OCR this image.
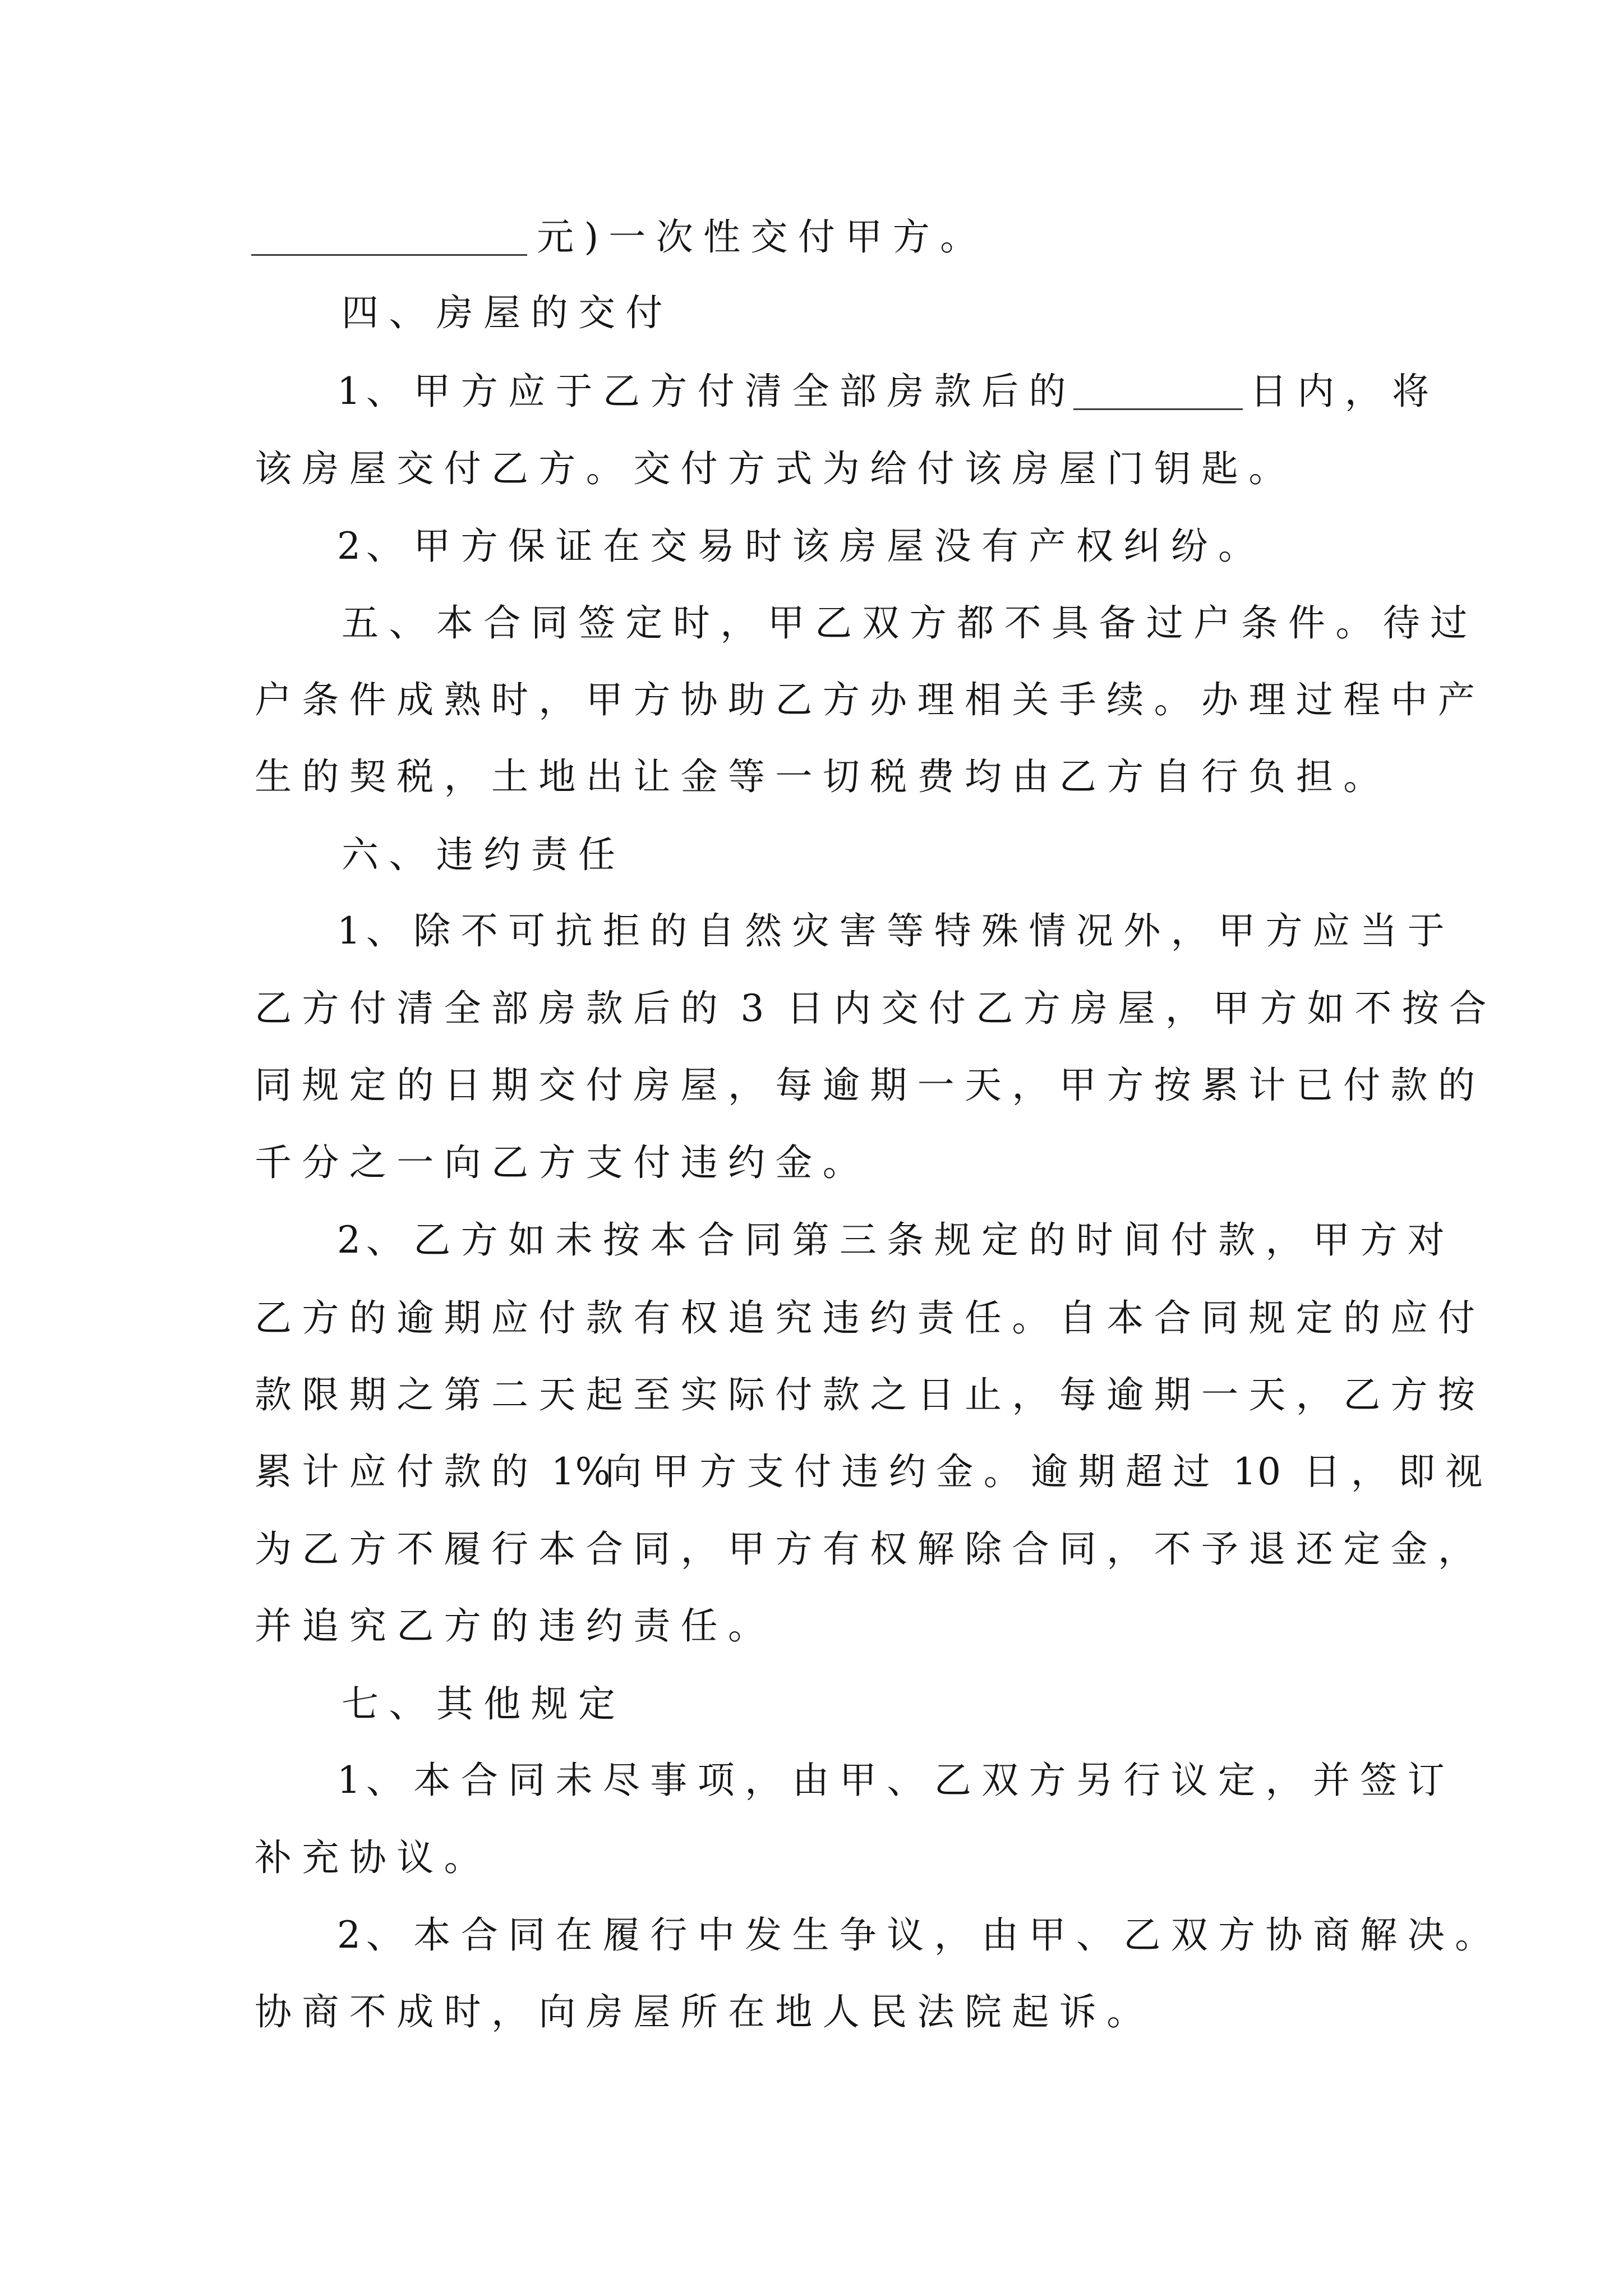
元 ) 一 次 性 交 付 甲 方 。
四 、 房 屋 的 交 付
1 、 甲 方 应 于 乙 方 付 清 全 部 房 款 后 的	日 内 ， 将
该 房 屋 交 付 乙 方 。 交 付 方 式 为 给 付 该 房 屋 门 钥 匙 。
2 、 甲 方 保 证 在 交 易 时 该 房 屋 没 有 产 权 纠 纷 。
五 、 本 合 同 签 定 时 ， 甲 乙 双 方 都 不 具 备 过 户 条 件 。 待 过
户 条 件 成 熟 时 ， 甲 方 协 助 乙 方 办 理 相 关 手 续 。 办 理 过 程 中 产
生 的 契 税 ， 土 地 出 让 金 等 一 切 税 费 均 由 乙 方 自 行 负 担 。
六 、 违 约 责 任
1 、 除 不 可 抗 拒 的 自 然 灾 害 等 特 殊 情 况 外 ， 甲 方 应 当 于
乙 方 付 清 全 部 房 款 后 的 3 日 内 交 付 乙 方 房 屋 ， 甲 方 如 不 按 合
同 规 定 的 日 期 交 付 房 屋 ， 每 逾 期 一 天 ， 甲 方 按 累 计 已 付 款 的
千 分 之 一 向 乙 方 支 付 违 约 金 。
2 、 乙 方 如 未 按 本 合 同 第 三 条 规 定 的 时 间 付 款 ， 甲 方 对
乙 方 的 逾 期 应 付 款 有 权 追 究 违 约 责 任 。 自 本 合 同 规 定 的 应 付
款 限 期 之 第 二 天 起 至 实 际 付 款 之 日 止 ， 每 逾 期 一 天 ， 乙 方 按
累 计 应 付 款 的 1 %
向 甲 方 支 付 违 约 金 。 逾 期 超 过 1 0 日 ， 即 视
为 乙 方 不 履 行 本 合 同 ， 甲 方 有 权 解 除 合 同 ， 不 予 退 还 定 金 ，
并 追 究 乙 方 的 违 约 责 任 。
七 、 其 他 规 定
1 、 本 合 同 未 尽 事 项 ， 由 甲 、 乙 双 方 另 行 议 定 ， 并 签 订
补 充 协 议 。
2 、 本 合 同 在 履 行 中 发 生 争 议 ， 由 甲 、 乙 双 方 协 商 解 决 。
协 商 不 成 时 ， 向 房 屋 所 在 地 人 民 法 院 起 诉 。
